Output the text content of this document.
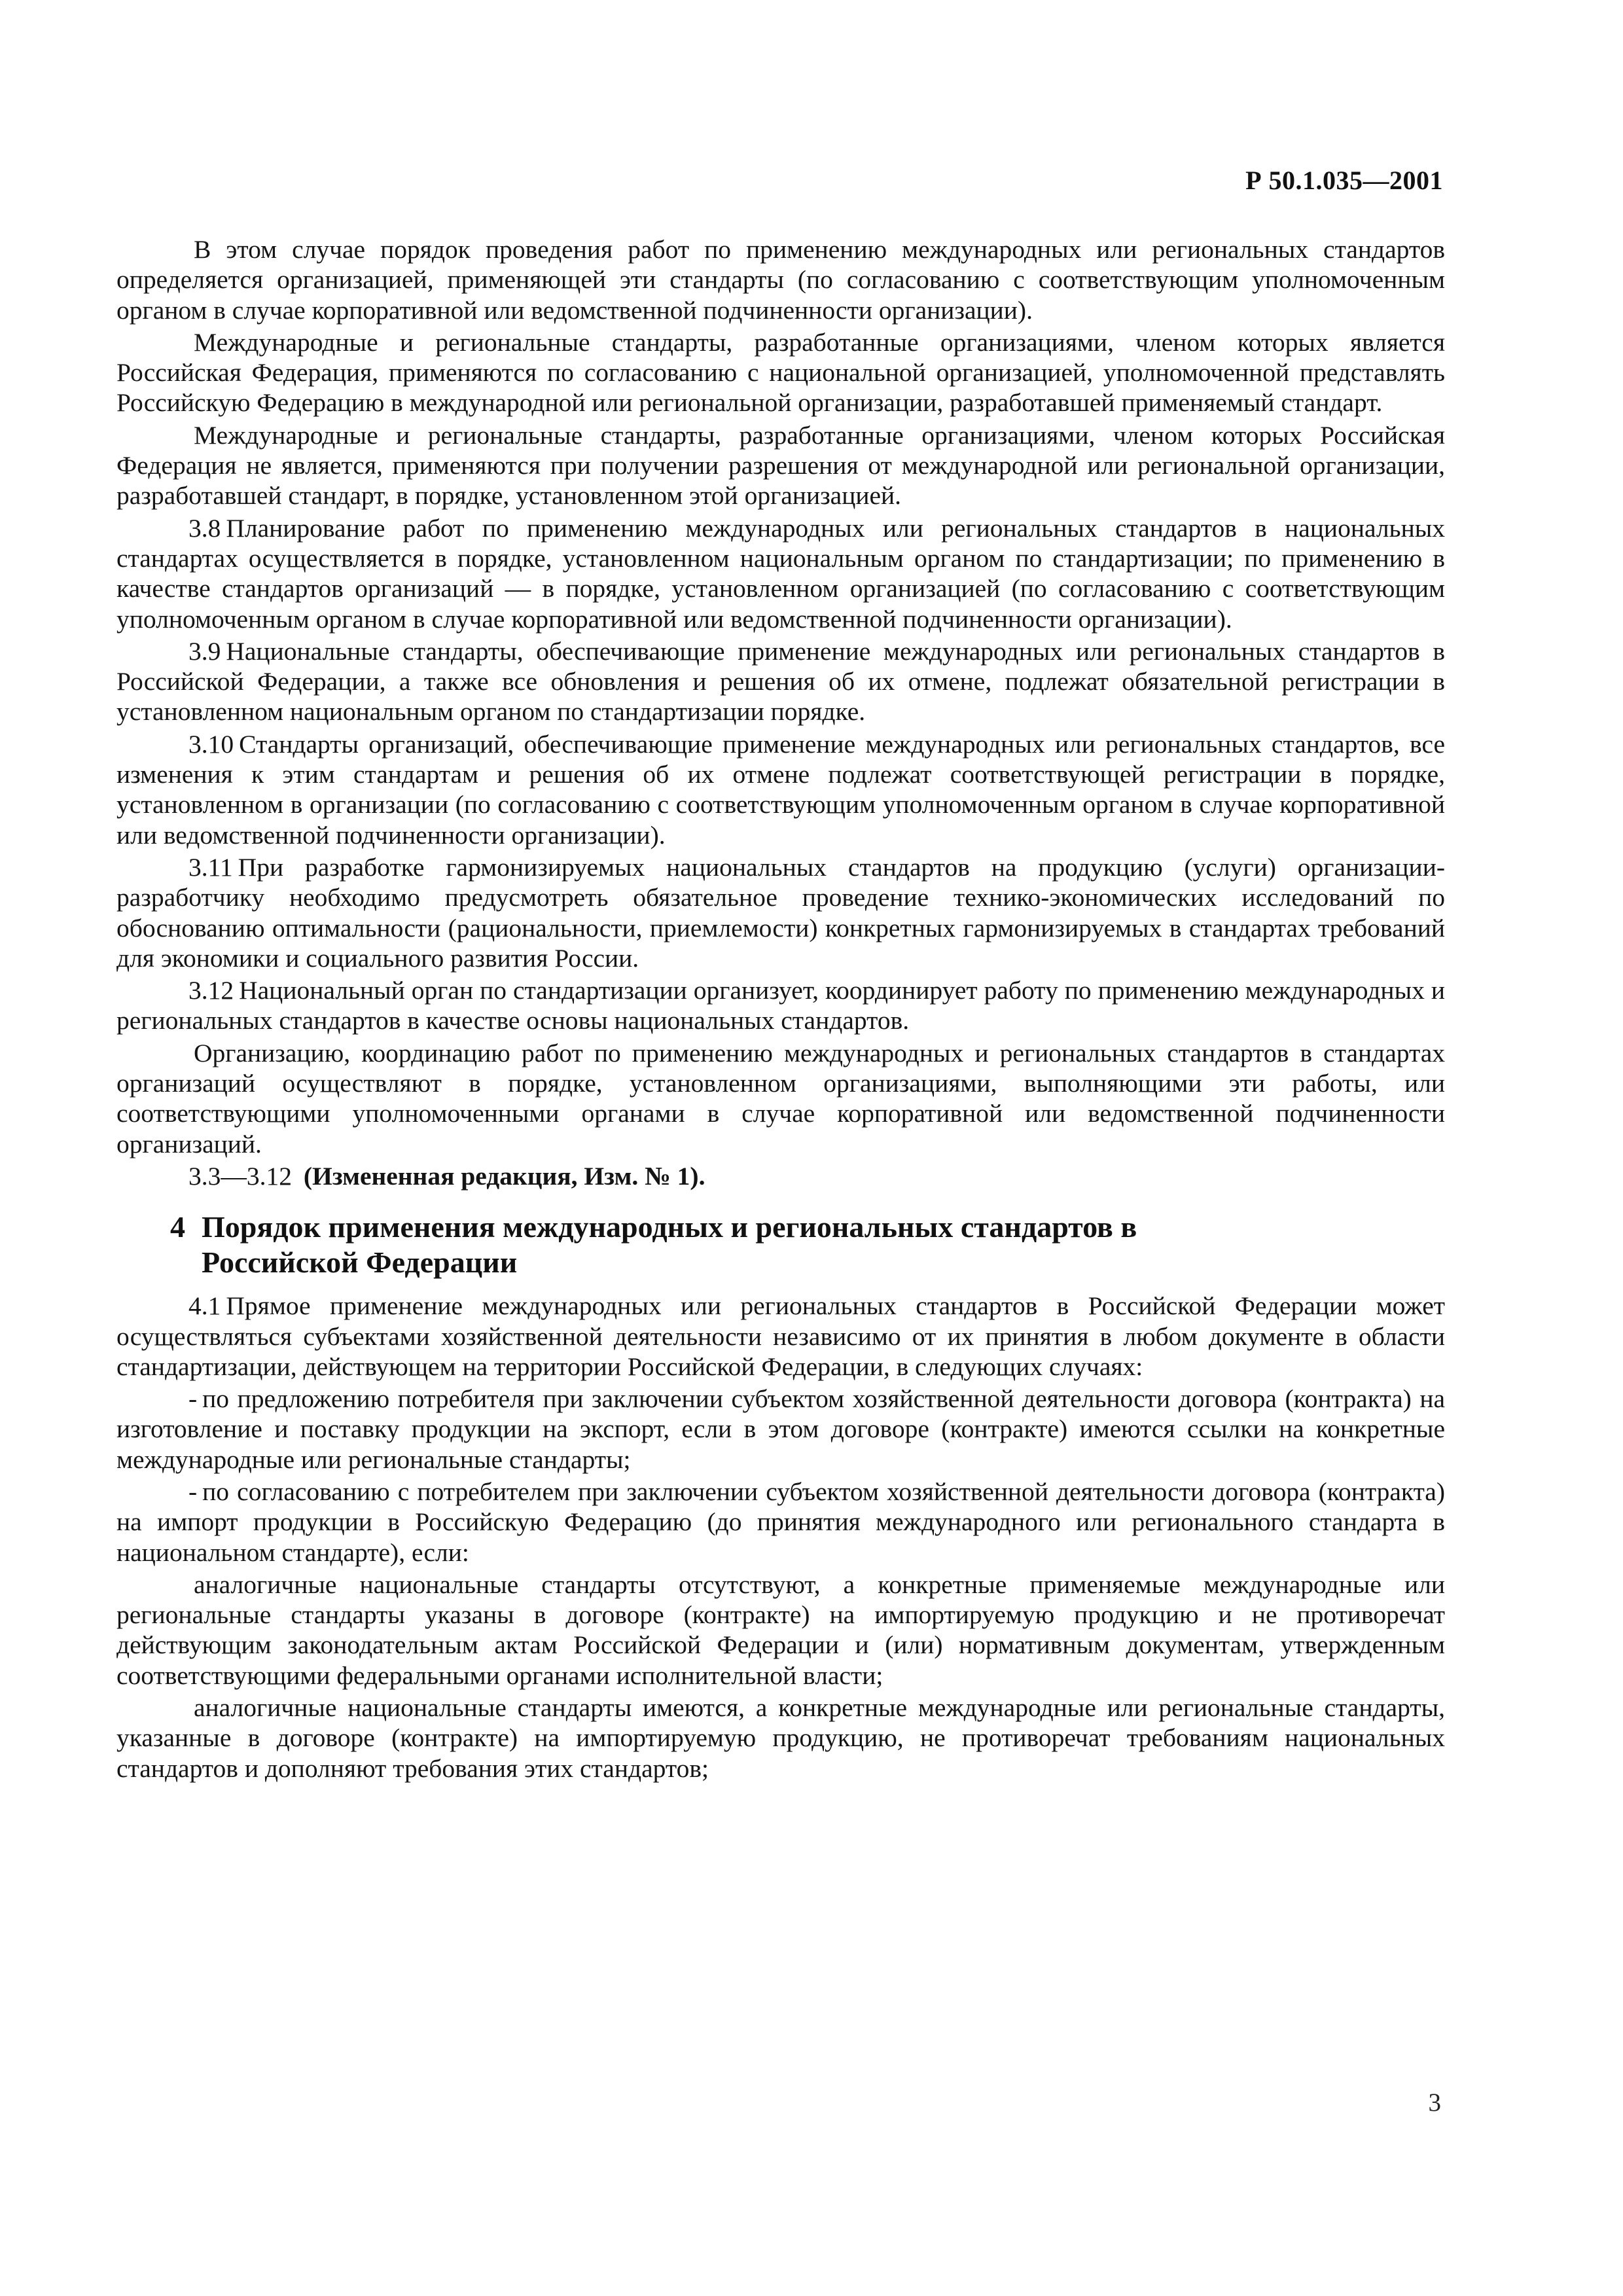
Р 50.1.035—2001

В этом случае порядок проведения работ по применению международных или региональных стандартов определяется организацией, применяющей эти стандарты (по согласованию с соответствующим уполномоченным органом в случае корпоративной или ведомственной подчиненности организации).

Международные и региональные стандарты, разработанные организациями, членом которых является Российская Федерация, применяются по согласованию с национальной организацией, уполномоченной представлять Российскую Федерацию в международной или региональной организации, разработавшей применяемый стандарт.

Международные и региональные стандарты, разработанные организациями, членом которых Российская Федерация не является, применяются при получении разрешения от международной или региональной организации, разработавшей стандарт, в порядке, установленном этой организацией.

3.8 Планирование работ по применению международных или региональных стандартов в национальных стандартах осуществляется в порядке, установленном национальным органом по стандартизации; по применению в качестве стандартов организаций — в порядке, установленном организацией (по согласованию с соответствующим уполномоченным органом в случае корпоративной или ведомственной подчиненности организации).

3.9 Национальные стандарты, обеспечивающие применение международных или региональных стандартов в Российской Федерации, а также все обновления и решения об их отмене, подлежат обязательной регистрации в установленном национальным органом по стандартизации порядке.

3.10 Стандарты организаций, обеспечивающие применение международных или региональных стандартов, все изменения к этим стандартам и решения об их отмене подлежат соответствующей регистрации в порядке, установленном в организации (по согласованию с соответствующим уполномоченным органом в случае корпоративной или ведомственной подчиненности организации).

3.11 При разработке гармонизируемых национальных стандартов на продукцию (услуги) организации-разработчику необходимо предусмотреть обязательное проведение технико-экономических исследований по обоснованию оптимальности (рациональности, приемлемости) конкретных гармонизируемых в стандартах требований для экономики и социального развития России.

3.12 Национальный орган по стандартизации организует, координирует работу по применению международных и региональных стандартов в качестве основы национальных стандартов.

Организацию, координацию работ по применению международных и региональных стандартов в стандартах организаций осуществляют в порядке, установленном организациями, выполняющими эти работы, или соответствующими уполномоченными органами в случае корпоративной или ведомственной подчиненности организаций.

3.3—3.12 (Измененная редакция, Изм. № 1).

4 Порядок применения международных и региональных стандартов в Российской Федерации

4.1 Прямое применение международных или региональных стандартов в Российской Федерации может осуществляться субъектами хозяйственной деятельности независимо от их принятия в любом документе в области стандартизации, действующем на территории Российской Федерации, в следующих случаях:

- по предложению потребителя при заключении субъектом хозяйственной деятельности договора (контракта) на изготовление и поставку продукции на экспорт, если в этом договоре (контракте) имеются ссылки на конкретные международные или региональные стандарты;

- по согласованию с потребителем при заключении субъектом хозяйственной деятельности договора (контракта) на импорт продукции в Российскую Федерацию (до принятия международного или регионального стандарта в национальном стандарте), если:

аналогичные национальные стандарты отсутствуют, а конкретные применяемые международные или региональные стандарты указаны в договоре (контракте) на импортируемую продукцию и не противоречат действующим законодательным актам Российской Федерации и (или) нормативным документам, утвержденным соответствующими федеральными органами исполнительной власти;

аналогичные национальные стандарты имеются, а конкретные международные или региональные стандарты, указанные в договоре (контракте) на импортируемую продукцию, не противоречат требованиям национальных стандартов и дополняют требования этих стандартов;

3
